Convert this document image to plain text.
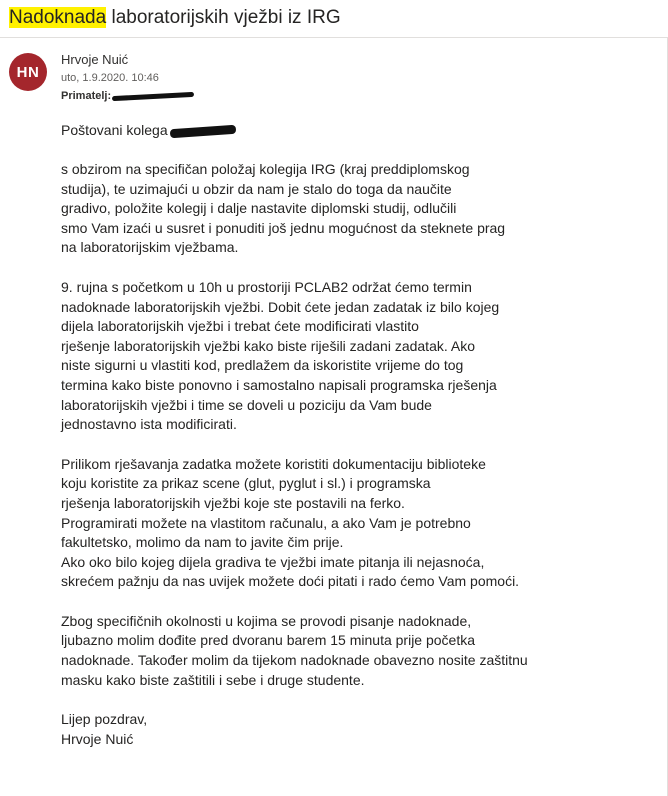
Nadoknada laboratorijskih vježbi iz IRG
HN
Hrvoje Nuić
uto, 1.9.2020. 10:46
Primatelj:
Poštovani kolega
s obzirom na specifičan položaj kolegija IRG (kraj preddiplomskog
studija), te uzimajući u obzir da nam je stalo do toga da naučite
gradivo, položite kolegij i dalje nastavite diplomski studij, odlučili
smo Vam izaći u susret i ponuditi još jednu mogućnost da steknete prag
na laboratorijskim vježbama.
9. rujna s početkom u 10h u prostoriji PCLAB2 održat ćemo termin
nadoknade laboratorijskih vježbi. Dobit ćete jedan zadatak iz bilo kojeg
dijela laboratorijskih vježbi i trebat ćete modificirati vlastito
rješenje laboratorijskih vježbi kako biste riješili zadani zadatak. Ako
niste sigurni u vlastiti kod, predlažem da iskoristite vrijeme do tog
termina kako biste ponovno i samostalno napisali programska rješenja
laboratorijskih vježbi i time se doveli u poziciju da Vam bude
jednostavno ista modificirati.
Prilikom rješavanja zadatka možete koristiti dokumentaciju biblioteke
koju koristite za prikaz scene (glut, pyglut i sl.) i programska
rješenja laboratorijskih vježbi koje ste postavili na ferko.
Programirati možete na vlastitom računalu, a ako Vam je potrebno
fakultetsko, molimo da nam to javite čim prije.
Ako oko bilo kojeg dijela gradiva te vježbi imate pitanja ili nejasnoća,
skrećem pažnju da nas uvijek možete doći pitati i rado ćemo Vam pomoći.
Zbog specifičnih okolnosti u kojima se provodi pisanje nadoknade,
ljubazno molim dođite pred dvoranu barem 15 minuta prije početka
nadoknade. Također molim da tijekom nadoknade obavezno nosite zaštitnu
masku kako biste zaštitili i sebe i druge studente.
Lijep pozdrav,
Hrvoje Nuić
